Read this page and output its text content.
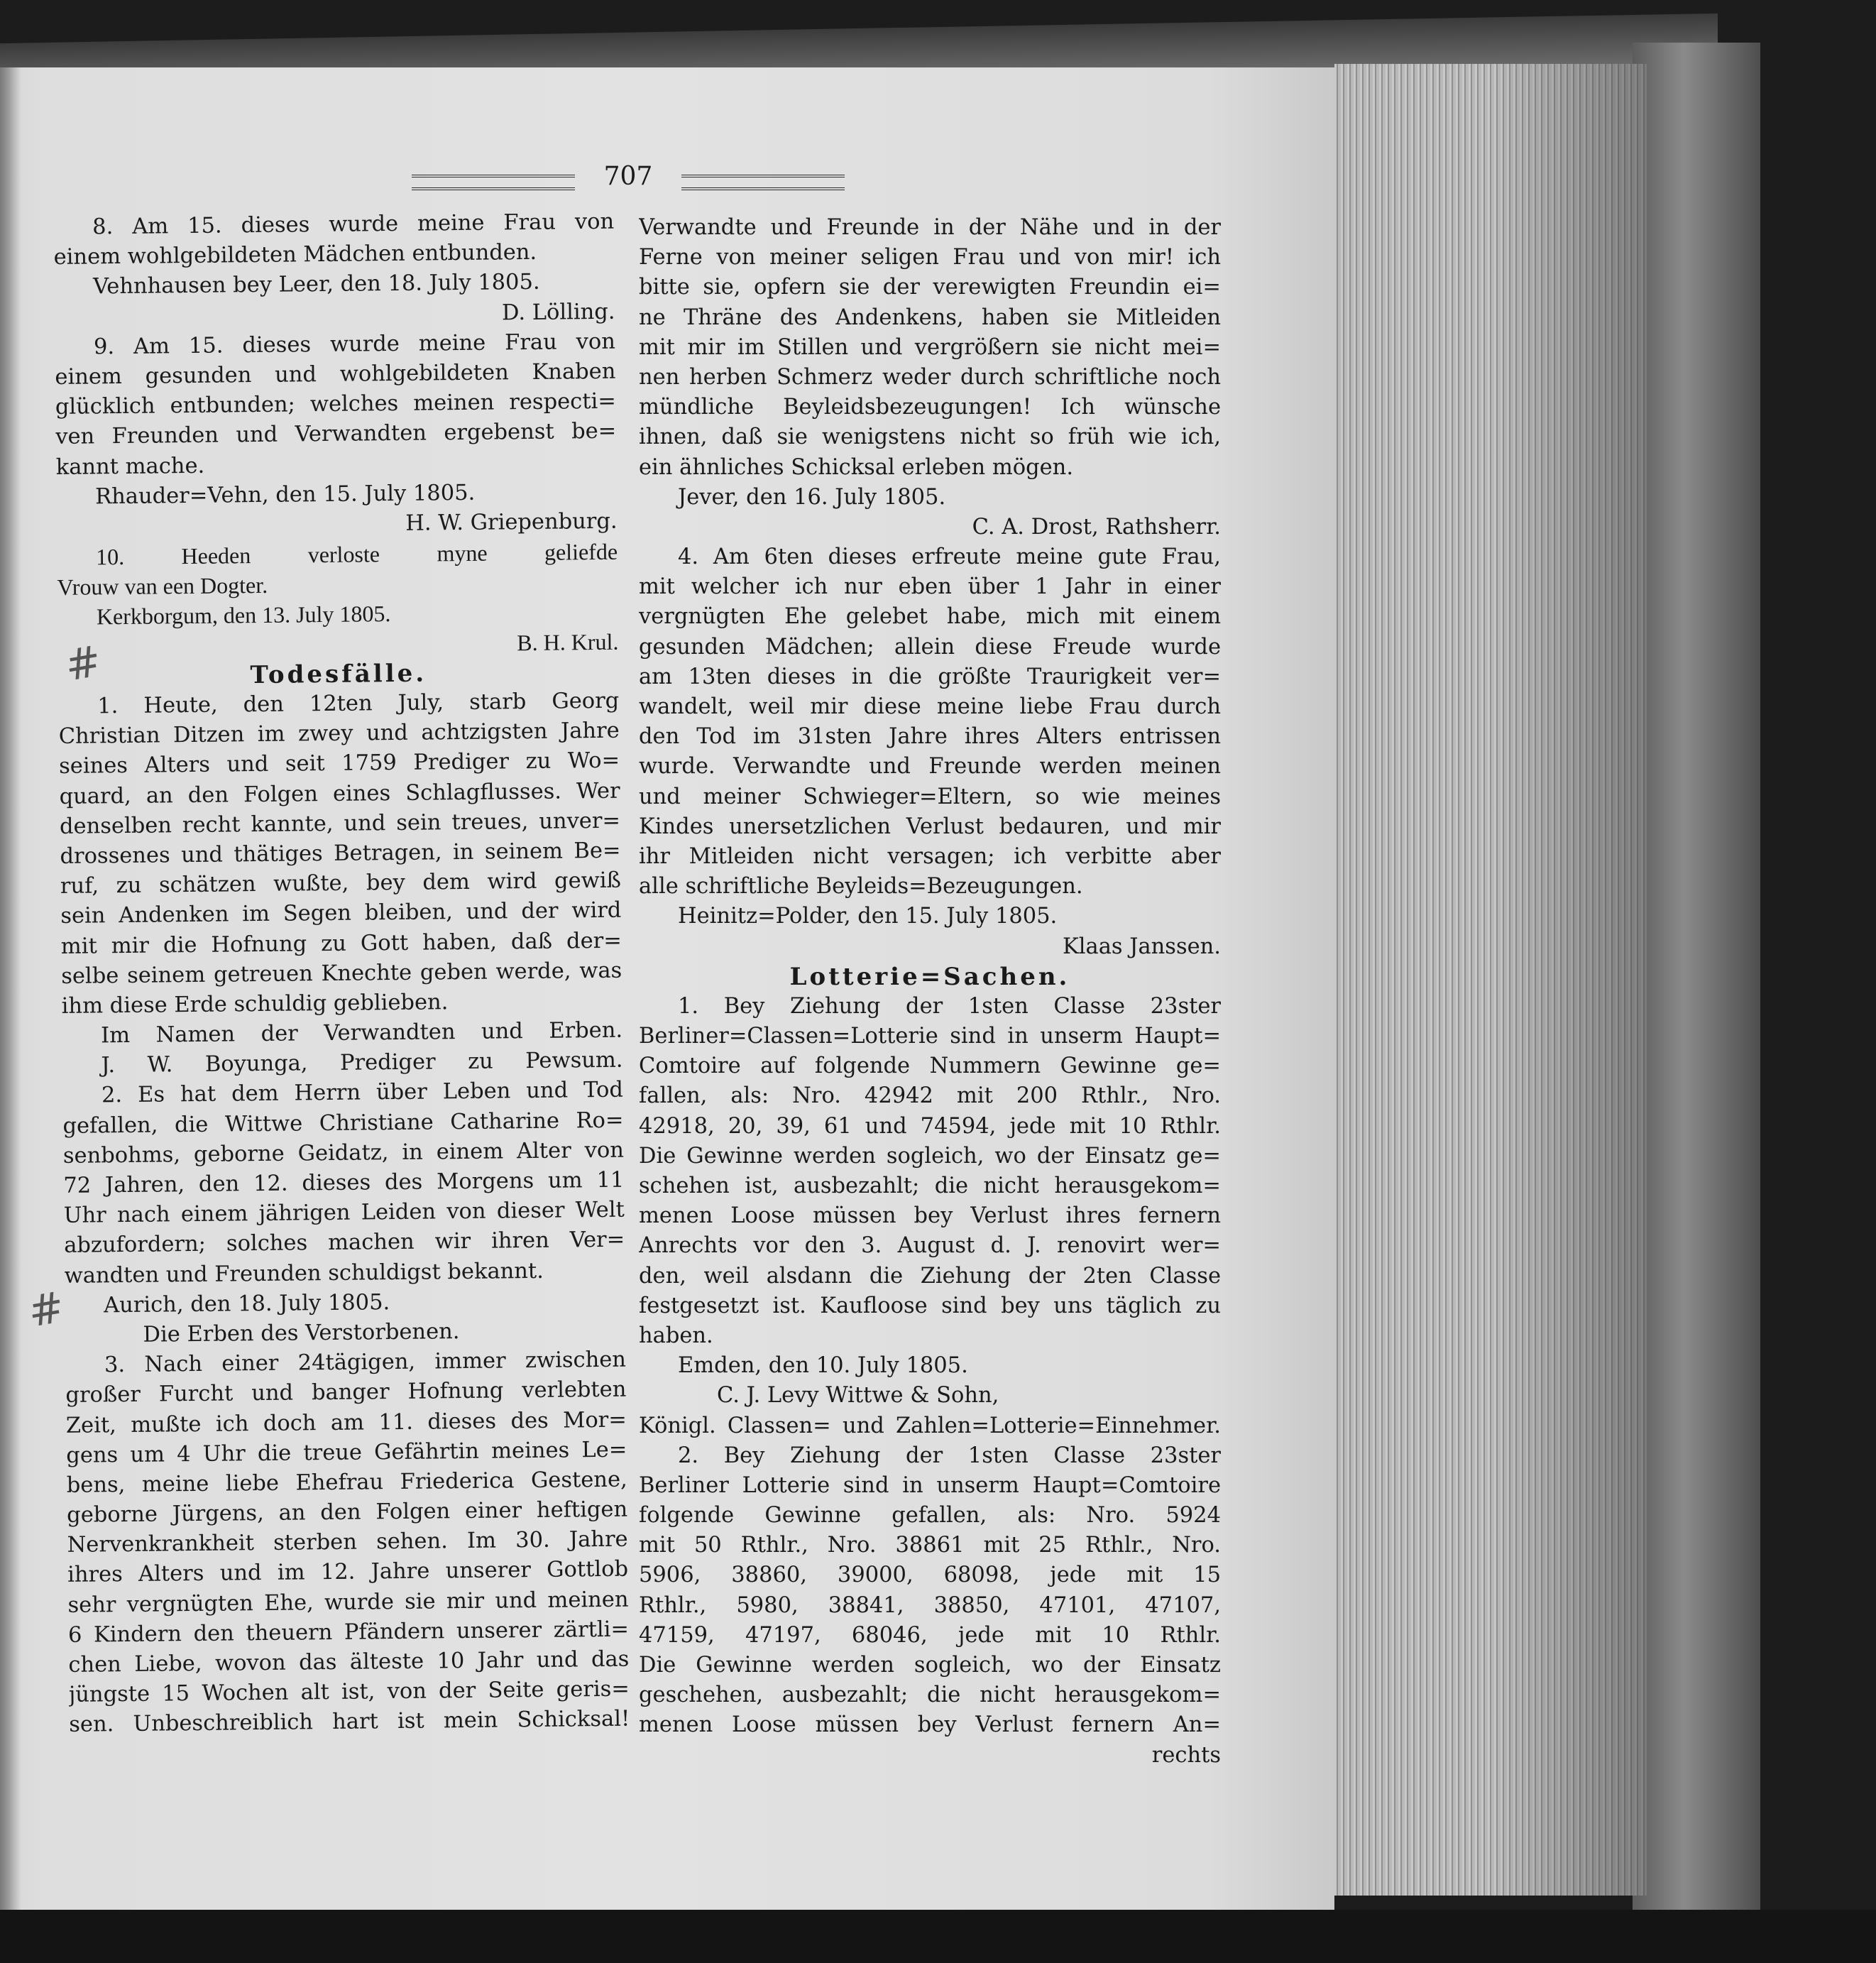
707
#
#
8. Am 15. dieses wurde meine Frau von
einem wohlgebildeten Mädchen entbunden.
Vehnhausen bey Leer, den 18. July 1805.
D. Lölling.
9. Am 15. dieses wurde meine Frau von
einem gesunden und wohlgebildeten Knaben
glücklich entbunden; welches meinen respecti=
ven Freunden und Verwandten ergebenst be=
kannt mache.
Rhauder=Vehn, den 15. July 1805.
H. W. Griepenburg.
10. Heeden verloste myne geliefde
Vrouw van een Dogter.
Kerkborgum, den 13. July 1805.
B. H. Krul.
Todesfälle.
1. Heute, den 12ten July, starb Georg
Christian Ditzen im zwey und achtzigsten Jahre
seines Alters und seit 1759 Prediger zu Wo=
quard, an den Folgen eines Schlagflusses. Wer
denselben recht kannte, und sein treues, unver=
drossenes und thätiges Betragen, in seinem Be=
ruf, zu schätzen wußte, bey dem wird gewiß
sein Andenken im Segen bleiben, und der wird
mit mir die Hofnung zu Gott haben, daß der=
selbe seinem getreuen Knechte geben werde, was
ihm diese Erde schuldig geblieben.
Im Namen der Verwandten und Erben.
J. W. Boyunga, Prediger zu Pewsum.
2. Es hat dem Herrn über Leben und Tod
gefallen, die Wittwe Christiane Catharine Ro=
senbohms, geborne Geidatz, in einem Alter von
72 Jahren, den 12. dieses des Morgens um 11
Uhr nach einem jährigen Leiden von dieser Welt
abzufordern; solches machen wir ihren Ver=
wandten und Freunden schuldigst bekannt.
Aurich, den 18. July 1805.
Die Erben des Verstorbenen.
3. Nach einer 24tägigen, immer zwischen
großer Furcht und banger Hofnung verlebten
Zeit, mußte ich doch am 11. dieses des Mor=
gens um 4 Uhr die treue Gefährtin meines Le=
bens, meine liebe Ehefrau Friederica Gestene,
geborne Jürgens, an den Folgen einer heftigen
Nervenkrankheit sterben sehen. Im 30. Jahre
ihres Alters und im 12. Jahre unserer Gottlob
sehr vergnügten Ehe, wurde sie mir und meinen
6 Kindern den theuern Pfändern unserer zärtli=
chen Liebe, wovon das älteste 10 Jahr und das
jüngste 15 Wochen alt ist, von der Seite geris=
sen. Unbeschreiblich hart ist mein Schicksal!
Verwandte und Freunde in der Nähe und in der
Ferne von meiner seligen Frau und von mir! ich
bitte sie, opfern sie der verewigten Freundin ei=
ne Thräne des Andenkens, haben sie Mitleiden
mit mir im Stillen und vergrößern sie nicht mei=
nen herben Schmerz weder durch schriftliche noch
mündliche Beyleidsbezeugungen! Ich wünsche
ihnen, daß sie wenigstens nicht so früh wie ich,
ein ähnliches Schicksal erleben mögen.
Jever, den 16. July 1805.
C. A. Drost, Rathsherr.
4. Am 6ten dieses erfreute meine gute Frau,
mit welcher ich nur eben über 1 Jahr in einer
vergnügten Ehe gelebet habe, mich mit einem
gesunden Mädchen; allein diese Freude wurde
am 13ten dieses in die größte Traurigkeit ver=
wandelt, weil mir diese meine liebe Frau durch
den Tod im 31sten Jahre ihres Alters entrissen
wurde. Verwandte und Freunde werden meinen
und meiner Schwieger=Eltern, so wie meines
Kindes unersetzlichen Verlust bedauren, und mir
ihr Mitleiden nicht versagen; ich verbitte aber
alle schriftliche Beyleids=Bezeugungen.
Heinitz=Polder, den 15. July 1805.
Klaas Janssen.
Lotterie=Sachen.
1. Bey Ziehung der 1sten Classe 23ster
Berliner=Classen=Lotterie sind in unserm Haupt=
Comtoire auf folgende Nummern Gewinne ge=
fallen, als: Nro. 42942 mit 200 Rthlr., Nro.
42918, 20, 39, 61 und 74594, jede mit 10 Rthlr.
Die Gewinne werden sogleich, wo der Einsatz ge=
schehen ist, ausbezahlt; die nicht herausgekom=
menen Loose müssen bey Verlust ihres fernern
Anrechts vor den 3. August d. J. renovirt wer=
den, weil alsdann die Ziehung der 2ten Classe
festgesetzt ist. Kaufloose sind bey uns täglich zu
haben.
Emden, den 10. July 1805.
C. J. Levy Wittwe & Sohn,
Königl. Classen= und Zahlen=Lotterie=Einnehmer.
2. Bey Ziehung der 1sten Classe 23ster
Berliner Lotterie sind in unserm Haupt=Comtoire
folgende Gewinne gefallen, als: Nro. 5924
mit 50 Rthlr., Nro. 38861 mit 25 Rthlr., Nro.
5906, 38860, 39000, 68098, jede mit 15
Rthlr., 5980, 38841, 38850, 47101, 47107,
47159, 47197, 68046, jede mit 10 Rthlr.
Die Gewinne werden sogleich, wo der Einsatz
geschehen, ausbezahlt; die nicht herausgekom=
menen Loose müssen bey Verlust fernern An=
rechts
